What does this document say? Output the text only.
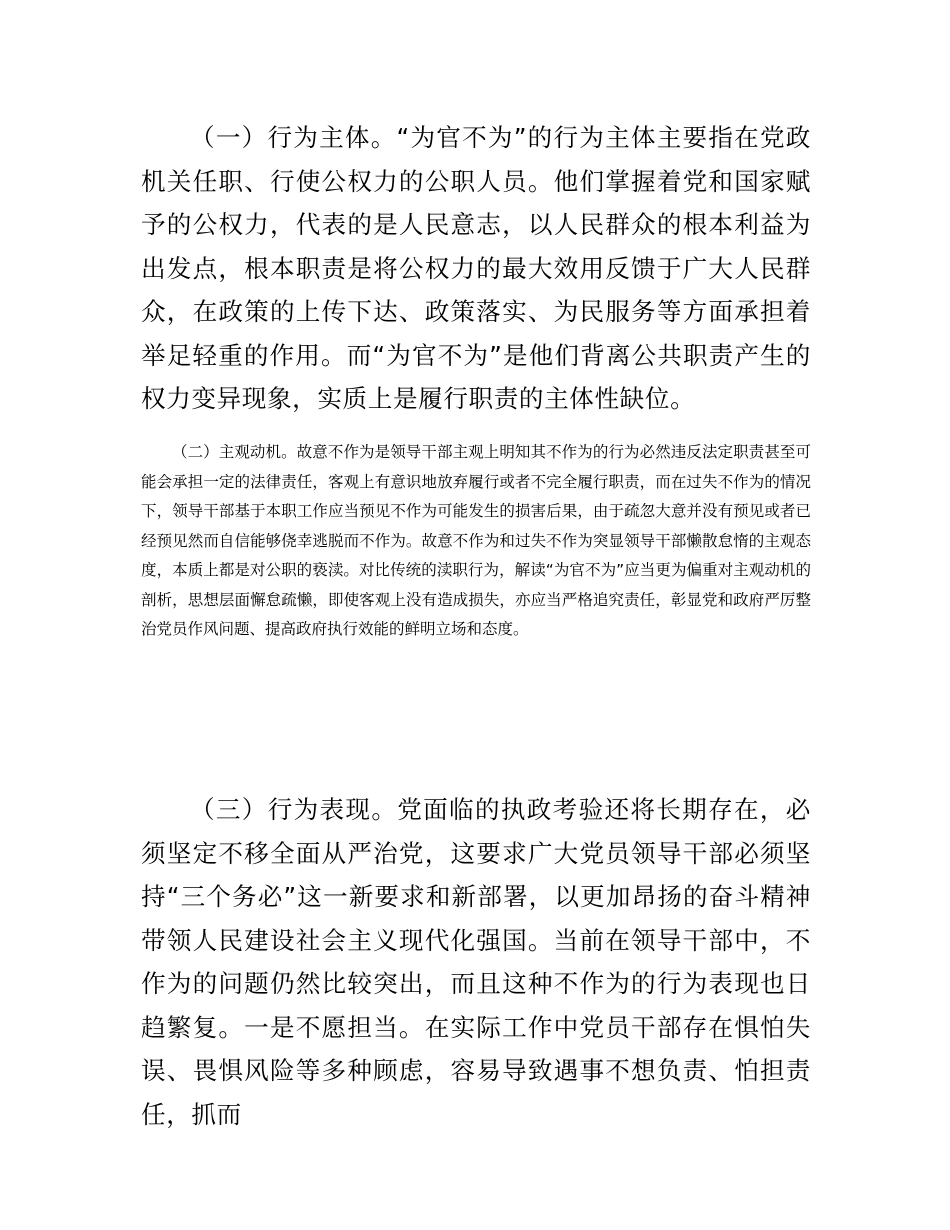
（一）行为主体。“为官不为”的行为主体主要指在党政机关任职、行使公权力的公职人员。他们掌握着党和国家赋予的公权力，代表的是人民意志，以人民群众的根本利益为出发点，根本职责是将公权力的最大效用反馈于广大人民群众，在政策的上传下达、政策落实、为民服务等方面承担着举足轻重的作用。而“为官不为”是他们背离公共职责产生的权力变异现象，实质上是履行职责的主体性缺位。

（二）主观动机。故意不作为是领导干部主观上明知其不作为的行为必然违反法定职责甚至可能会承担一定的法律责任，客观上有意识地放弃履行或者不完全履行职责，而在过失不作为的情况下，领导干部基于本职工作应当预见不作为可能发生的损害后果，由于疏忽大意并没有预见或者已经预见然而自信能够侥幸逃脱而不作为。故意不作为和过失不作为突显领导干部懒散怠惰的主观态度，本质上都是对公职的亵渎。对比传统的渎职行为，解读“为官不为”应当更为偏重对主观动机的剖析，思想层面懈怠疏懒，即使客观上没有造成损失，亦应当严格追究责任，彰显党和政府严厉整治党员作风问题、提高政府执行效能的鲜明立场和态度。

（三）行为表现。党面临的执政考验还将长期存在，必须坚定不移全面从严治党，这要求广大党员领导干部必须坚持“三个务必”这一新要求和新部署，以更加昂扬的奋斗精神带领人民建设社会主义现代化强国。当前在领导干部中，不作为的问题仍然比较突出，而且这种不作为的行为表现也日趋繁复。一是不愿担当。在实际工作中党员干部存在惧怕失误、畏惧风险等多种顾虑，容易导致遇事不想负责、怕担责任，抓而
